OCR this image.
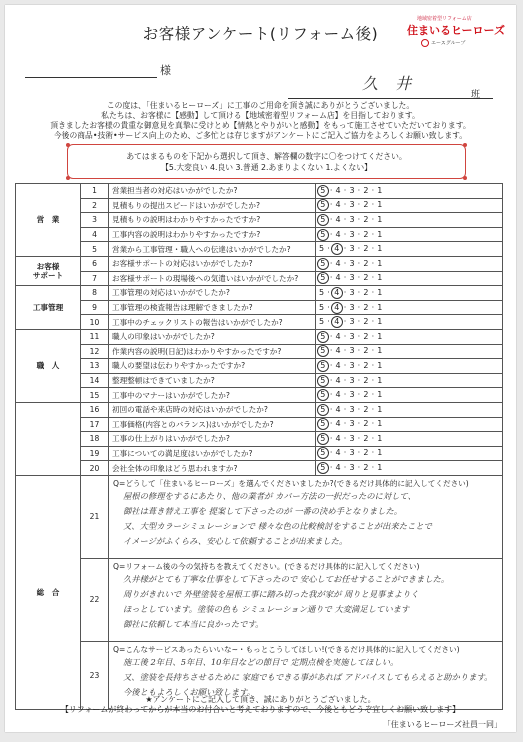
お客様アンケート(リフォーム後)
地域密着型リフォーム店
住まいるヒーローズ
エースグループ
様
久 井
班
この度は、「住まいるヒーローズ」に工事のご用命を頂き誠にありがとうございました。
私たちは、お客様に【感動】して頂ける【地域密着型リフォーム店】を目指しております。
頂きましたお客様の貴重な御意見を真摯に受けとめ【情熱とやりがいと感動】をもって施工させていただいております。
今後の商品•技術•サービス向上のため、ご多忙とは存じますがアンケートにご記入ご協力をよろしくお願い致します。
あてはまるものを下記から選択して頂き、解答欄の数字に〇をつけてください。
【5.大変良い 4.良い 3.普通 2.あまりよくない 1.よくない】
営　業	1	営業担当者の対応はいかがでしたか?	5 · 4 · 3 · 2 · 1
	2	見積もりの提出スピードはいかがでしたか?	5 · 4 · 3 · 2 · 1
	3	見積もりの説明はわかりやすかったですか?	5 · 4 · 3 · 2 · 1
	4	工事内容の説明はわかりやすかったですか?	5 · 4 · 3 · 2 · 1
	5	営業から工事管理・職人への伝達はいかがでしたか?	5 · 4 · 3 · 2 · 1
お客様
サポート	6	お客様サポートの対応はいかがでしたか?	5 · 4 · 3 · 2 · 1
	7	お客様サポートの現場後への気遣いはいかがでしたか?	5 · 4 · 3 · 2 · 1
工事管理	8	工事管理の対応はいかがでしたか?	5 · 4 · 3 · 2 · 1
	9	工事管理の検査報告は理解できましたか?	5 · 4 · 3 · 2 · 1
	10	工事中のチェックリストの報告はいかがでしたか?	5 · 4 · 3 · 2 · 1
職　人	11	職人の印象はいかがでしたか?	5 · 4 · 3 · 2 · 1
	12	作業内容の説明(日記)はわかりやすかったですか?	5 · 4 · 3 · 2 · 1
	13	職人の要望は伝わりやすかったですか?	5 · 4 · 3 · 2 · 1
	14	整理整頓はできていましたか?	5 · 4 · 3 · 2 · 1
	15	工事中のマナーはいかがでしたか?	5 · 4 · 3 · 2 · 1
	16	初回の電話や来店時の対応はいかがでしたか?	5 · 4 · 3 · 2 · 1
	17	工事価格(内容とのバランス)はいかがでしたか?	5 · 4 · 3 · 2 · 1
	18	工事の仕上がりはいかがでしたか?	5 · 4 · 3 · 2 · 1
	19	工事についての満足度はいかがでしたか?	5 · 4 · 3 · 2 · 1
	20	会社全体の印象はどう思われますか?	5 · 4 · 3 · 2 · 1
総　合	21	Q=どうして「住まいるヒーローズ」を選んでくださいましたか?(できるだけ具体的に記入してください)
屋根の修理をするにあたり、他の業者が カバー方法の一択だったのに対して、
御社は葺き替え工事を 提案して下さったのが 一番の決め手となりました。
又、大型カラーシミュレーションで 様々な色の比較検討をすることが出来たことで
イメージがふくらみ、安心して依頼することが出来ました。	

	22	Q=リフォーム後の今の気持ちを教えてください。(できるだけ具体的に記入してください)
久井様がとても丁寧な仕事をして下さったので 安心してお任せすることができました。
周りがきれいで 外壁塗装を屋根工事に踏み切った我が家が 周りと見事まよりく
ほっとしています。塗装の色も シミュレーション通りで 大変満足しています
御社に依頼して本当に良かったです。	

	23	Q=こんなサービスあったらいいな~・もっとこうしてほしい!(できるだけ具体的に記入してください)
施工後 2年目、5年目、10年目などの節目で 定期点検を実施してほしい。
又、塗装を長持ちさせるために 家庭でもできる事があれば アドバイスしてもらえると助かります。
今後ともよろしくお願い致します。	
★アンケートにご記入して頂き、誠にありがとうございました。
【リフォームが終わってからが本当のお付合いと考えておりますので、今後ともどうぞ宜しくお願い致します】
「住まいるヒーローズ社員一同」
